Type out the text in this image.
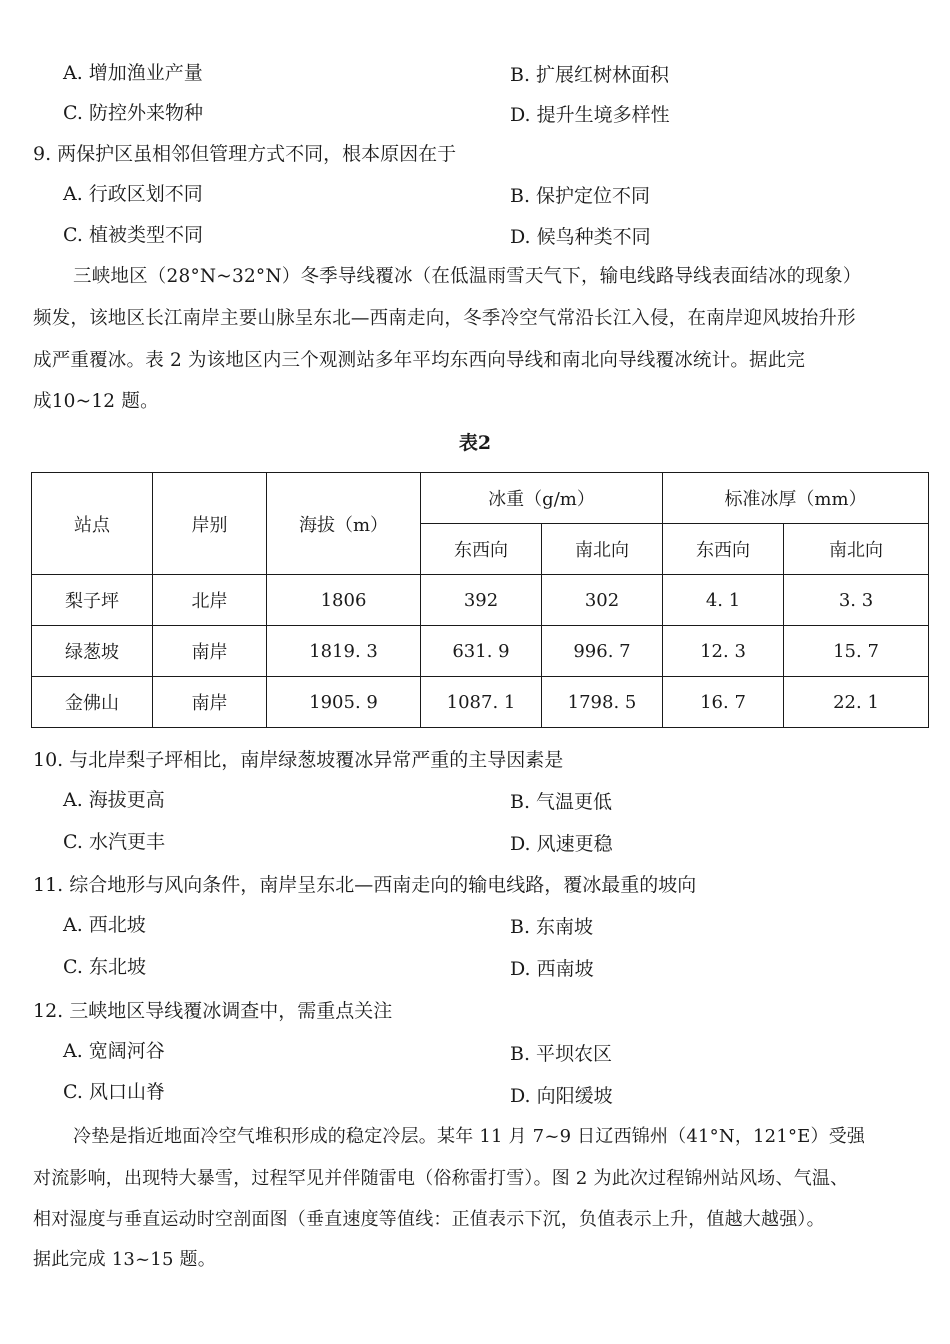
A. 增加渔业产量	B. 扩展红树林面积
C. 防控外来物种	D. 提升生境多样性
9. 两保护区虽相邻但管理方式不同，根本原因在于
A. 行政区划不同	B. 保护定位不同
C. 植被类型不同	D. 候鸟种类不同
三峡地区（28°N~32°N）冬季导线覆冰（在低温雨雪天气下，输电线路导线表面结冰的现象）
频发，该地区长江南岸主要山脉呈东北—西南走向，冬季冷空气常沿长江入侵，在南岸迎风坡抬升形
成严重覆冰。表 2 为该地区内三个观测站多年平均东西向导线和南北向导线覆冰统计。据此完
成10~12 题。
表2
站点	岸别	海拔（m）	冰重（g/m）		标准冰厚（mm）	
			东西向	南北向	东西向	南北向
梨子坪	北岸	1806	392	302	4. 1	3. 3
绿葱坡	南岸	1819. 3	631. 9	996. 7	12. 3	15. 7
金佛山	南岸	1905. 9	1087. 1	1798. 5	16. 7	22. 1
10. 与北岸梨子坪相比，南岸绿葱坡覆冰异常严重的主导因素是
A. 海拔更高	B. 气温更低
C. 水汽更丰	D. 风速更稳
11. 综合地形与风向条件，南岸呈东北—西南走向的输电线路，覆冰最重的坡向
A. 西北坡	B. 东南坡
C. 东北坡	D. 西南坡
12. 三峡地区导线覆冰调查中，需重点关注
A. 宽阔河谷	B. 平坝农区
C. 风口山脊	D. 向阳缓坡
冷垫是指近地面冷空气堆积形成的稳定冷层。某年 11 月 7~9 日辽西锦州（41°N，121°E）受强
对流影响，出现特大暴雪，过程罕见并伴随雷电（俗称雷打雪）。图 2 为此次过程锦州站风场、气温、
相对湿度与垂直运动时空剖面图（垂直速度等值线：正值表示下沉，负值表示上升，值越大越强）。
据此完成 13~15 题。
